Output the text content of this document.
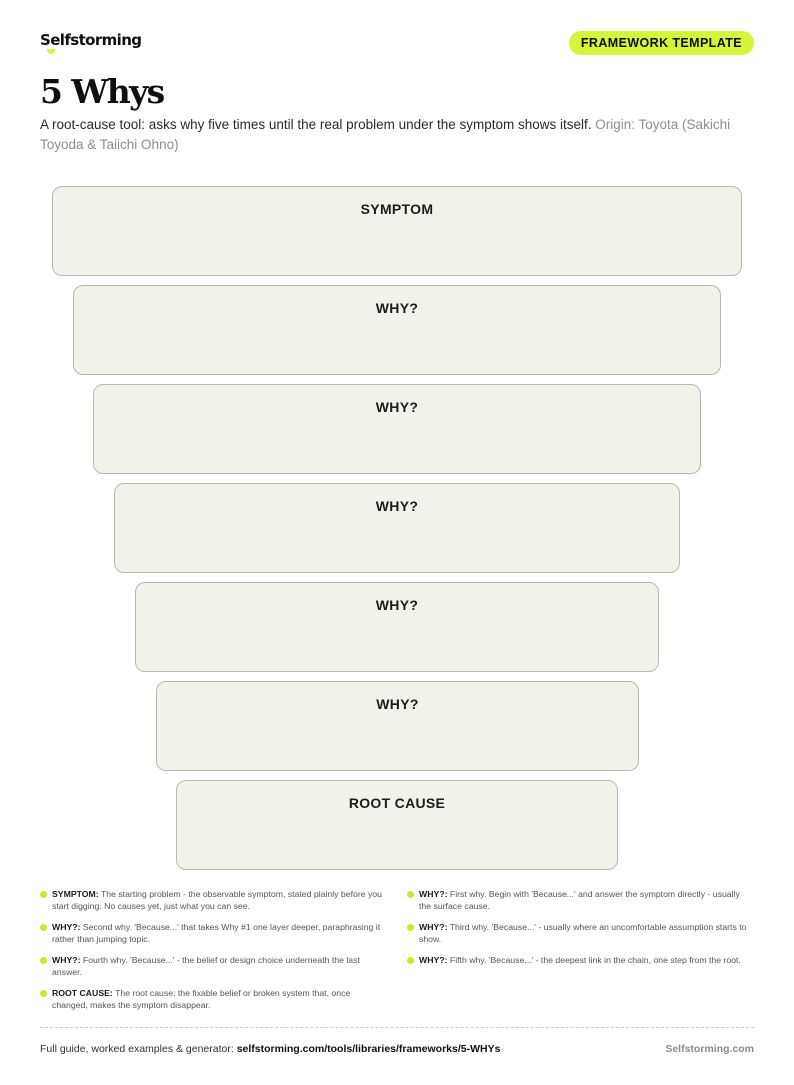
Selfstorming	FRAMEWORK TEMPLATE
5 Whys

A root-cause tool: asks why five times until the real problem under the symptom shows itself. Origin: Toyota (Sakichi Toyoda & Taiichi Ohno)

SYMPTOM
WHY?
WHY?
WHY?
WHY?
WHY?
ROOT CAUSE
SYMPTOM: The starting problem - the observable symptom, stated plainly before you start digging. No causes yet, just what you can see.
WHY?: Second why. 'Because...' that takes Why #1 one layer deeper, paraphrasing it rather than jumping topic.
WHY?: Fourth why. 'Because...' - the belief or design choice underneath the last answer.
ROOT CAUSE: The root cause: the fixable belief or broken system that, once changed, makes the symptom disappear.
WHY?: First why. Begin with 'Because...' and answer the symptom directly - usually the surface cause.
WHY?: Third why. 'Because...' - usually where an uncomfortable assumption starts to show.
WHY?: Fifth why. 'Because...' - the deepest link in the chain, one step from the root.
Full guide, worked examples & generator: selfstorming.com/tools/libraries/frameworks/5-WHYs	Selfstorming.com
